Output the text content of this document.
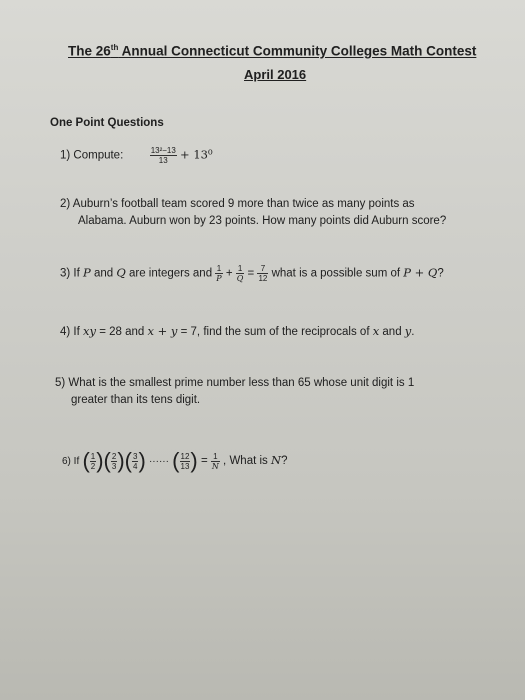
The 26th Annual Connecticut Community Colleges Math Contest
April 2016
One Point Questions
1) Compute:	$\frac{\text{13²−13}}{13} + 13^0$
2) Auburn’s football team scored 9 more than twice as many points as
Alabama. Auburn won by 23 points. How many points did Auburn score?
3) If P and Q are integers and $\frac{1}{P} + \frac{1}{Q} = \frac{7}{12}$ what is a possible sum of P + Q?
4) If xy = 28 and x + y = 7, find the sum of the reciprocals of x and y.
5) What is the smallest prime number less than 65 whose unit digit is 1
greater than its tens digit.
6) If ( $\frac{1}{2}$ )( $\frac{2}{3}$ )( $\frac{3}{4}$ ) ······ ( $\frac{12}{13}$ ) = $\frac{1}{N}$ , What is N?
